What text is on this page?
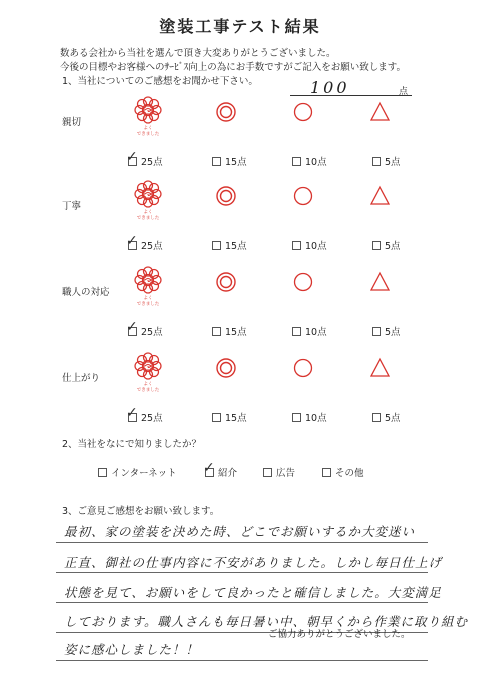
塗装工事テスト結果
数ある会社から当社を選んで頂き大変ありがとうございました。
今後の目標やお客様へのｻｰﾋﾞｽ向上の為にお手数ですがご記入をお願い致します。
1、当社についてのご感想をお聞かせ下さい。	100	点
親切
よく
できました
✓ 25点	15点	10点	5点
丁寧
よく
できました
✓ 25点	15点	10点	5点
職人の対応
よく
できました
✓ 25点	15点	10点	5点
仕上がり
よく
できました
✓ 25点	15点	10点	5点
2、当社をなにで知りましたか？
インターネット ✓ 紹介	広告	その他
3、ご意見ご感想をお願い致します。
最初、家の塗装を決めた時、どこでお願いするか大変迷い
正直、御社の仕事内容に不安がありました。しかし毎日仕上げ
状態を見て、お願いをして良かったと確信しました。大変満足
しております。職人さんも毎日暑い中、朝早くから作業に取り組む
姿に感心しました！！
ご協力ありがとうございました。
